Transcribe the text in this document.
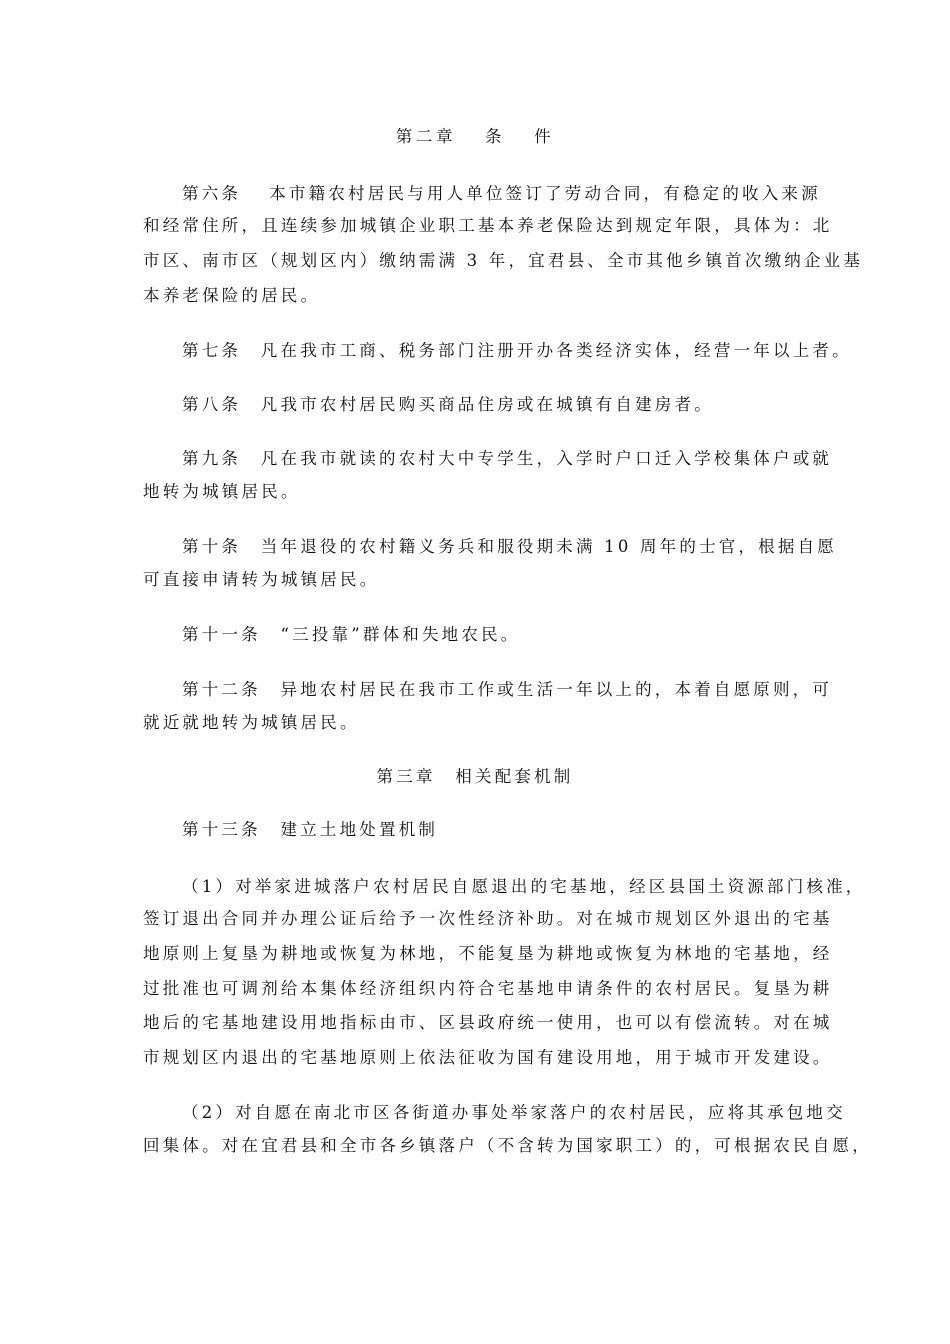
第二章　 条　 件
第六条　 本市籍农村居民与用人单位签订了劳动合同，有稳定的收入来源
和经常住所，且连续参加城镇企业职工基本养老保险达到规定年限，具体为：北
市区、南市区（规划区内）缴纳需满 3 年，宜君县、全市其他乡镇首次缴纳企业基
本养老保险的居民。
第七条　凡在我市工商、税务部门注册开办各类经济实体，经营一年以上者。
第八条　凡我市农村居民购买商品住房或在城镇有自建房者。
第九条　凡在我市就读的农村大中专学生，入学时户口迁入学校集体户或就
地转为城镇居民。
第十条　当年退役的农村籍义务兵和服役期未满 10 周年的士官，根据自愿
可直接申请转为城镇居民。
第十一条　“三投靠”群体和失地农民。
第十二条　异地农村居民在我市工作或生活一年以上的，本着自愿原则，可
就近就地转为城镇居民。
第三章　相关配套机制
第十三条　建立土地处置机制
（1）对举家进城落户农村居民自愿退出的宅基地，经区县国土资源部门核准，
签订退出合同并办理公证后给予一次性经济补助。对在城市规划区外退出的宅基
地原则上复垦为耕地或恢复为林地，不能复垦为耕地或恢复为林地的宅基地，经
过批准也可调剂给本集体经济组织内符合宅基地申请条件的农村居民。复垦为耕
地后的宅基地建设用地指标由市、区县政府统一使用，也可以有偿流转。对在城
市规划区内退出的宅基地原则上依法征收为国有建设用地，用于城市开发建设。
（2）对自愿在南北市区各街道办事处举家落户的农村居民，应将其承包地交
回集体。对在宜君县和全市各乡镇落户（不含转为国家职工）的，可根据农民自愿，
